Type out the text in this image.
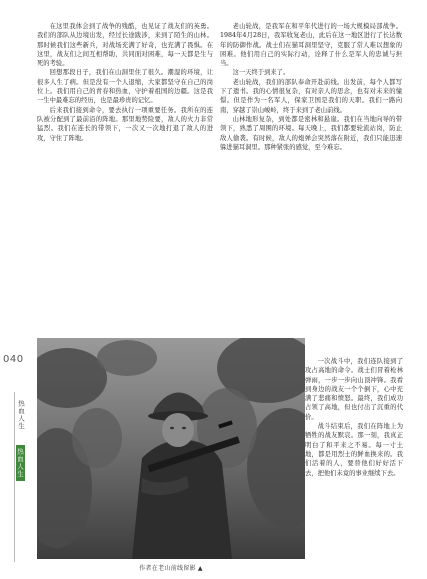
040
热血人生
热血人生

在这里我体会到了战争的残酷，也见证了战友们的英勇。我们的部队从边境出发，经过长途跋涉，来到了陌生的山林。那时候我们这些新兵，对战场充满了好奇，也充满了畏惧。在这里，战友们之间互相帮助，共同面对困难，每一天都是生与死的考验。

回想那段日子，我们在山洞里住了很久。潮湿的环境，让很多人生了病。但是没有一个人退缩，大家都坚守在自己的岗位上。我们用自己的青春和热血，守护着祖国的边疆。这是我一生中最难忘的经历，也是最珍贵的记忆。

后来我们接到命令，要去执行一项重要任务。我所在的连队被分配到了最前沿的阵地。那里地势险要，敌人的火力非常猛烈。我们在连长的带领下，一次又一次地打退了敌人的进攻，守住了阵地。

老山轮战，是我军在和平年代进行的一场大规模局部战争。1984年4月28日，我军收复老山，此后在这一地区进行了长达数年的防御作战。战士们在猫耳洞里坚守，克服了常人难以想象的困难。他们用自己的实际行动，诠释了什么是军人的忠诚与担当。

这一天终于到来了。

老山轮战，我们的部队奉命开赴前线。出发前，每个人都写下了遗书。我的心情很复杂，有对亲人的思念，也有对未来的憧憬。但是作为一名军人，保家卫国是我们的天职。我们一路向南，穿越了崇山峻岭，终于来到了老山前线。

山林地形复杂，到处都是密林和悬崖。我们在当地向导的带领下，熟悉了周围的环境。每天晚上，我们都要轮流站岗，防止敌人偷袭。有时候，敌人的炮弹会突然落在附近，我们只能迅速躲进猫耳洞里。那种紧张的感觉，至今难忘。

一次战斗中，我们连队接到了攻占高地的命令。战士们冒着枪林弹雨，一步一步向山顶冲锋。我看到身边的战友一个个倒下，心中充满了悲痛和愤怒。最终，我们成功占领了高地，但也付出了沉重的代价。

战斗结束后，我们在阵地上为牺牲的战友默哀。那一刻，我真正明白了和平来之不易。每一寸土地，都是用烈士的鲜血换来的。我们活着的人，要替他们好好活下去，把他们未竟的事业继续下去。

作者在老山前线留影 ▲
